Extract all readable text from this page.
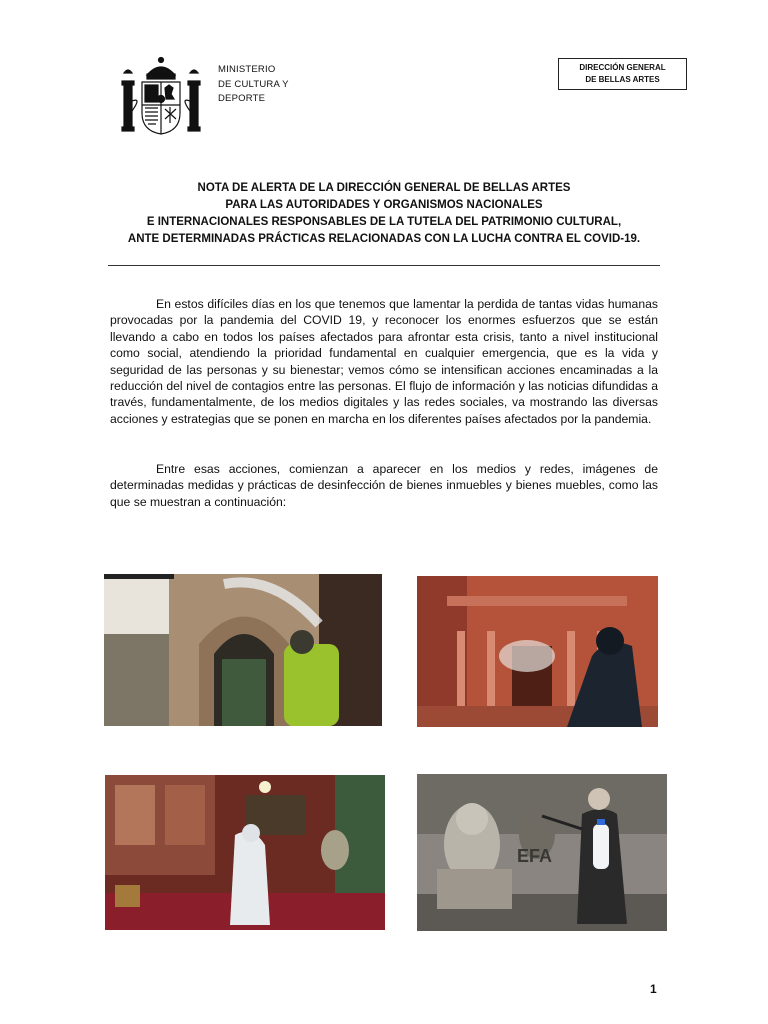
MINISTERIO
DE CULTURA Y
DEPORTE
DIRECCIÓN GENERAL
DE BELLAS ARTES
NOTA DE ALERTA DE LA DIRECCIÓN GENERAL DE BELLAS ARTES
PARA LAS AUTORIDADES Y ORGANISMOS NACIONALES
E INTERNACIONALES RESPONSABLES DE LA TUTELA DEL PATRIMONIO CULTURAL,
ANTE DETERMINADAS PRÁCTICAS RELACIONADAS CON LA LUCHA CONTRA EL COVID-19.

En estos difíciles días en los que tenemos que lamentar la perdida de tantas vidas humanas provocadas por la pandemia del COVID 19, y reconocer los enormes esfuerzos que se están llevando a cabo en todos los países afectados para afrontar esta crisis, tanto a nivel institucional como social, atendiendo la prioridad fundamental en cualquier emergencia, que es la vida y seguridad de las personas y su bienestar; vemos cómo se intensifican acciones encaminadas a la reducción del nivel de contagios entre las personas. El flujo de información y las noticias difundidas a través, fundamentalmente, de los medios digitales y las redes sociales, va mostrando las diversas acciones y estrategias que se ponen en marcha en los diferentes países afectados por la pandemia.

Entre esas acciones, comienzan a aparecer en los medios y redes, imágenes de determinadas medidas y prácticas de desinfección de bienes inmuebles y bienes muebles, como las que se muestran a continuación:

EFA
1
